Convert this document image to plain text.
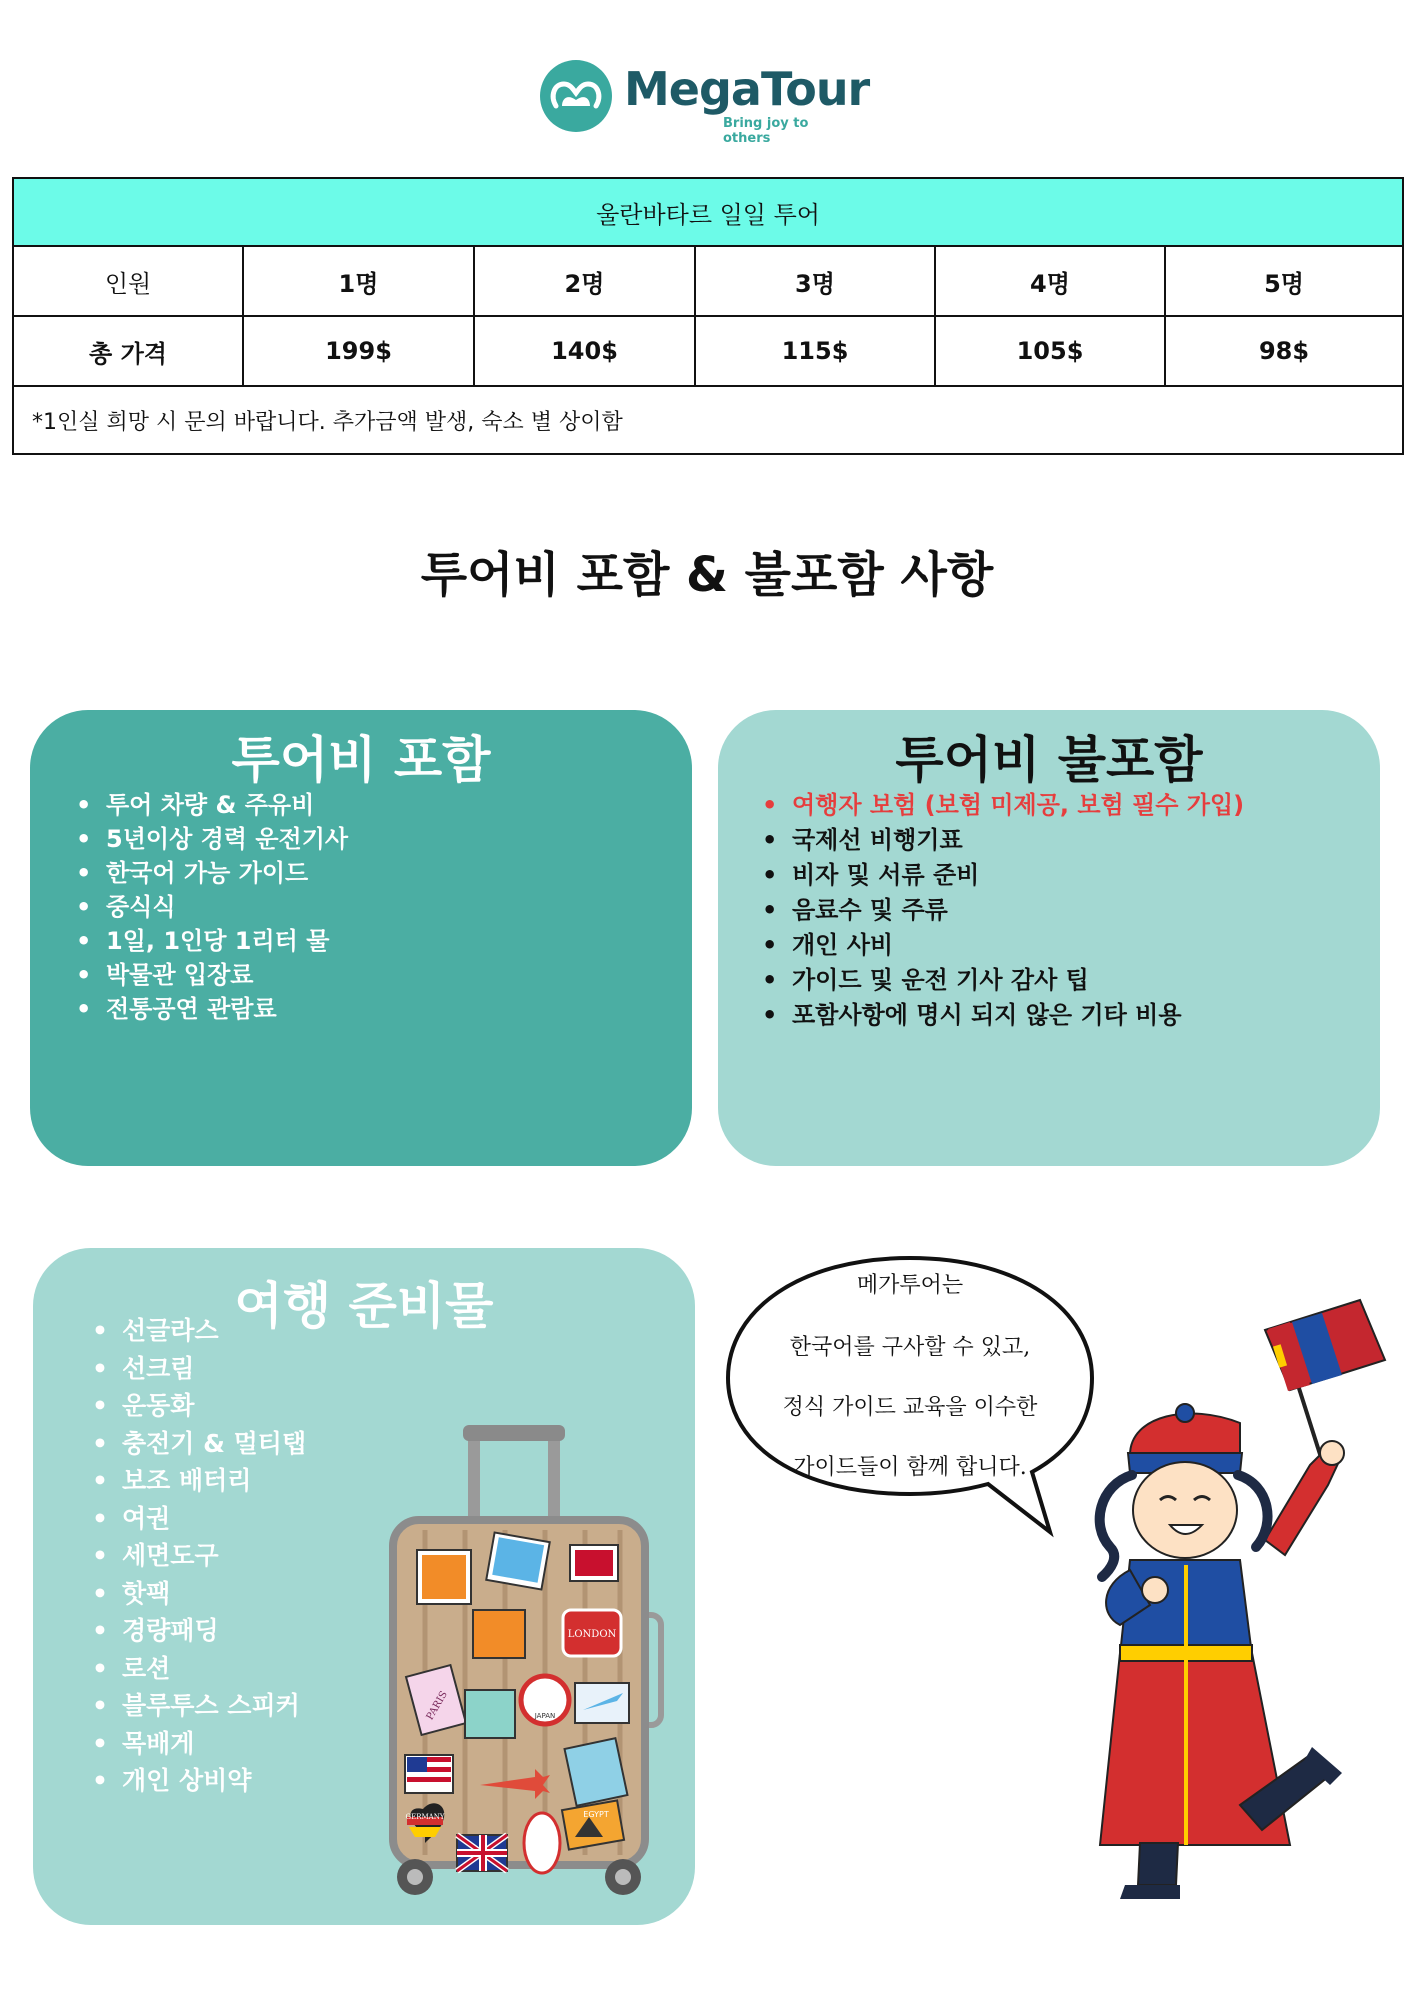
MegaTour
Bring joy to others
울란바타르 일일 투어					
인원	1명	2명	3명	4명	5명
총 가격	199$	140$	115$	105$	98$
*1인실 희망 시 문의 바랍니다. 추가금액 발생, 숙소 별 상이함					
투어비 포함 & 불포함 사항
투어비 포함
• 투어 차량 & 주유비
• 5년이상 경력 운전기사
• 한국어 가능 가이드
• 중식식
• 1일, 1인당 1리터 물
• 박물관 입장료
• 전통공연 관람료
투어비 불포함
• 여행자 보험 (보험 미제공, 보험 필수 가입)
• 국제선 비행기표
• 비자 및 서류 준비
• 음료수 및 주류
• 개인 사비
• 가이드 및 운전 기사 감사 팁
• 포함사항에 명시 되지 않은 기타 비용
여행 준비물
• 선글라스
• 선크림
• 운동화
• 충전기 & 멀티탭
• 보조 배터리
• 여권
• 세면도구
• 핫팩
• 경량패딩
• 로션
• 블루투스 스피커
• 목배게
• 개인 상비약
LONDON
PARIS	JAPAN
GERMANY	EGYPT
메가투어는
한국어를 구사할 수 있고,
정식 가이드 교육을 이수한
가이드들이 함께 합니다.
